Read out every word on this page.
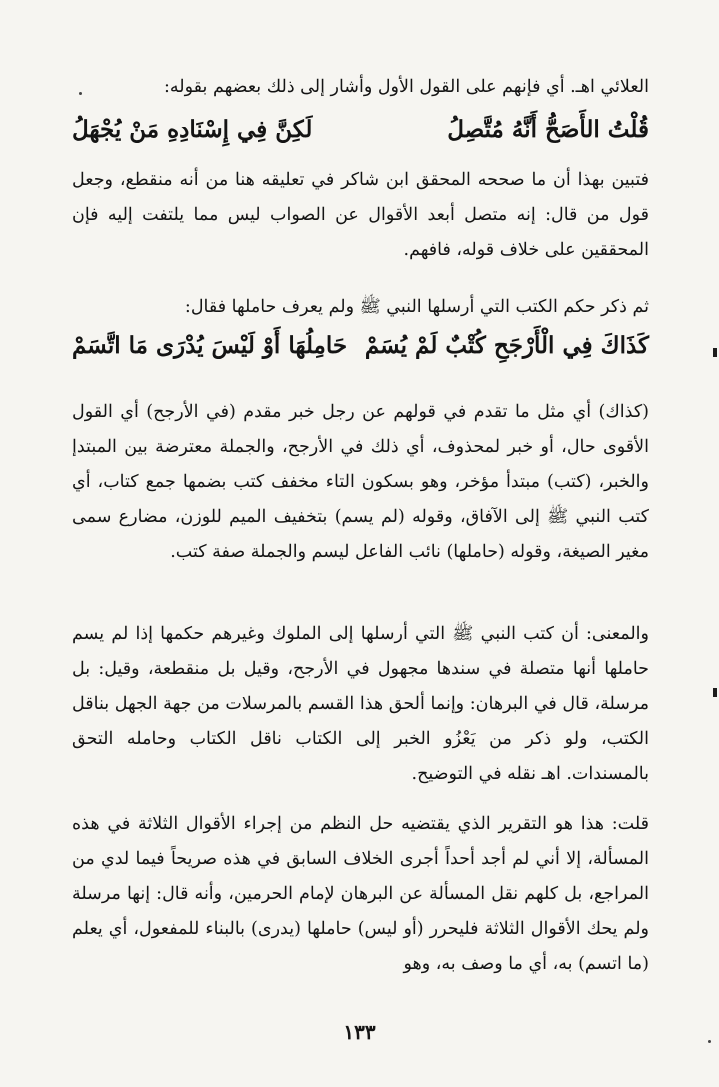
العلائي اهـ. أي فإنهم على القول الأول وأشار إلى ذلك بعضهم بقوله:
قُلْتُ الأَصَحُّ أَنَّهُ مُتَّصِلُ
لَكِنَّ فِي إِسْنَادِهِ مَنْ يُجْهَلُ
فتبين بهذا أن ما صححه المحقق ابن شاكر في تعليقه هنا من أنه منقطع، وجعل قول من قال: إنه متصل أبعد الأقوال عن الصواب ليس مما يلتفت إليه فإن المحققين على خلاف قوله، فافهم.
ثم ذكر حكم الكتب التي أرسلها النبي ﷺ ولم يعرف حاملها فقال:
كَذَاكَ فِي الْأَرْجَحِ كُتْبٌ لَمْ يُسَمْ
حَامِلُهَا أَوْ لَيْسَ يُدْرَى مَا اتَّسَمْ
(كذاك) أي مثل ما تقدم في قولهم عن رجل خبر مقدم (في الأرجح) أي القول الأقوى حال، أو خبر لمحذوف، أي ذلك في الأرجح، والجملة معترضة بين المبتدإ والخبر، (كتب) مبتدأ مؤخر، وهو بسكون التاء مخفف كتب بضمها جمع كتاب، أي كتب النبي ﷺ إلى الآفاق، وقوله (لم يسم) بتخفيف الميم للوزن، مضارع سمى مغير الصيغة، وقوله (حاملها) نائب الفاعل ليسم والجملة صفة كتب.
والمعنى: أن كتب النبي ﷺ التي أرسلها إلى الملوك وغيرهم حكمها إذا لم يسم حاملها أنها متصلة في سندها مجهول في الأرجح، وقيل بل منقطعة، وقيل: بل مرسلة، قال في البرهان: وإنما ألحق هذا القسم بالمرسلات من جهة الجهل بناقل الكتب، ولو ذكر من يَعْزُو الخبر إلى الكتاب ناقل الكتاب وحامله التحق بالمسندات. اهـ نقله في التوضيح.
قلت: هذا هو التقرير الذي يقتضيه حل النظم من إجراء الأقوال الثلاثة في هذه المسألة، إلا أني لم أجد أحداً أجرى الخلاف السابق في هذه صريحاً فيما لدي من المراجع، بل كلهم نقل المسألة عن البرهان لإمام الحرمين، وأنه قال: إنها مرسلة ولم يحك الأقوال الثلاثة فليحرر (أو ليس) حاملها (يدرى) بالبناء للمفعول، أي يعلم (ما اتسم) به، أي ما وصف به، وهو
١٣٣
